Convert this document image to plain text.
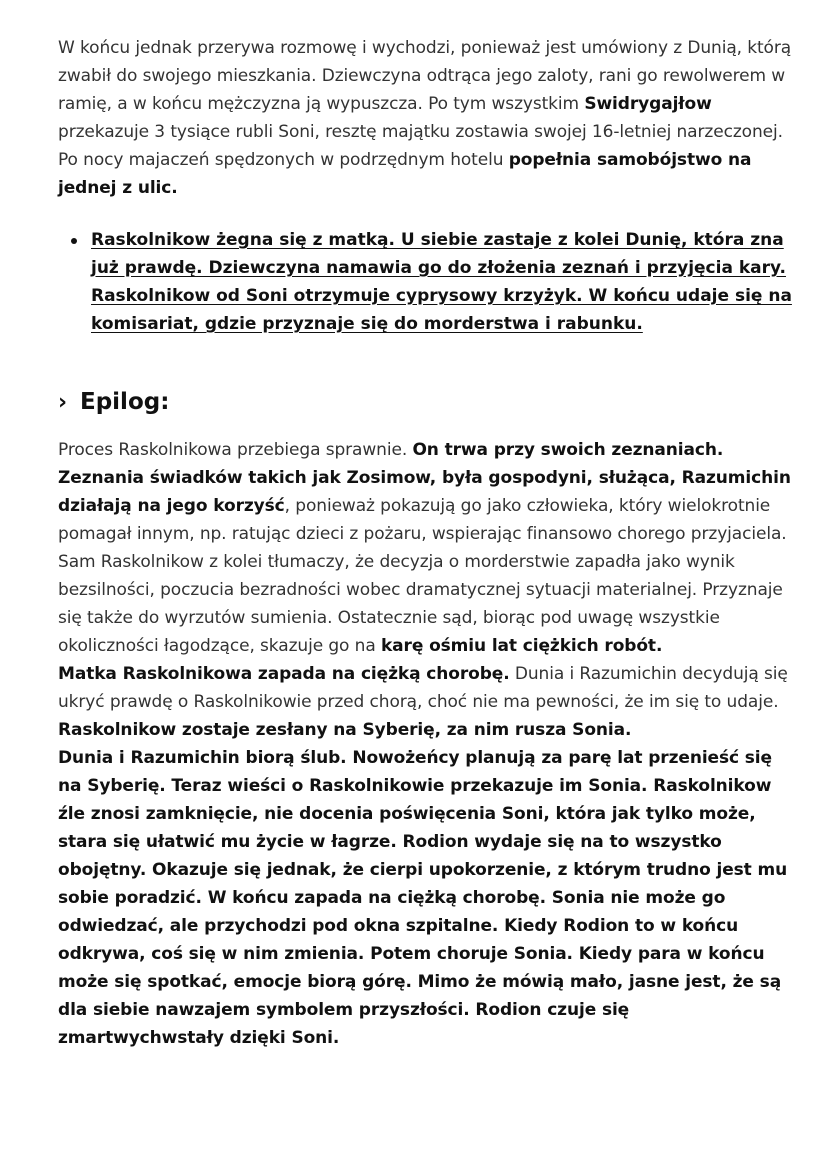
W końcu jednak przerywa rozmowę i wychodzi, ponieważ jest umówiony z Dunią, którą zwabił do swojego mieszkania. Dziewczyna odtrąca jego zaloty, rani go rewolwerem w ramię, a w końcu mężczyzna ją wypuszcza. Po tym wszystkim Swidrygajłow przekazuje 3 tysiące rubli Soni, resztę majątku zostawia swojej 16-letniej narzeczonej. Po nocy majaczeń spędzonych w podrzędnym hotelu popełnia samobójstwo na jednej z ulic.

Raskolnikow żegna się z matką. U siebie zastaje z kolei Dunię, która zna już prawdę. Dziewczyna namawia go do złożenia zeznań i przyjęcia kary. Raskolnikow od Soni otrzymuje cyprysowy krzyżyk. W końcu udaje się na komisariat, gdzie przyznaje się do morderstwa i rabunku.
› Epilog:

Proces Raskolnikowa przebiega sprawnie. On trwa przy swoich zeznaniach. Zeznania świadków takich jak Zosimow, była gospodyni, służąca, Razumichin działają na jego korzyść, ponieważ pokazują go jako człowieka, który wielokrotnie pomagał innym, np. ratując dzieci z pożaru, wspierając finansowo chorego przyjaciela. Sam Raskolnikow z kolei tłumaczy, że decyzja o morderstwie zapadła jako wynik bezsilności, poczucia bezradności wobec dramatycznej sytuacji materialnej. Przyznaje się także do wyrzutów sumienia. Ostatecznie sąd, biorąc pod uwagę wszystkie okoliczności łagodzące, skazuje go na karę ośmiu lat ciężkich robót.

Matka Raskolnikowa zapada na ciężką chorobę. Dunia i Razumichin decydują się ukryć prawdę o Raskolnikowie przed chorą, choć nie ma pewności, że im się to udaje. Raskolnikow zostaje zesłany na Syberię, za nim rusza Sonia.

Dunia i Razumichin biorą ślub. Nowożeńcy planują za parę lat przenieść się na Syberię. Teraz wieści o Raskolnikowie przekazuje im Sonia. Raskolnikow źle znosi zamknięcie, nie docenia poświęcenia Soni, która jak tylko może, stara się ułatwić mu życie w łagrze. Rodion wydaje się na to wszystko obojętny. Okazuje się jednak, że cierpi upokorzenie, z którym trudno jest mu sobie poradzić. W końcu zapada na ciężką chorobę. Sonia nie może go odwiedzać, ale przychodzi pod okna szpitalne. Kiedy Rodion to w końcu odkrywa, coś się w nim zmienia. Potem choruje Sonia. Kiedy para w końcu może się spotkać, emocje biorą górę. Mimo że mówią mało, jasne jest, że są dla siebie nawzajem symbolem przyszłości. Rodion czuje się zmartwychwstały dzięki Soni.
